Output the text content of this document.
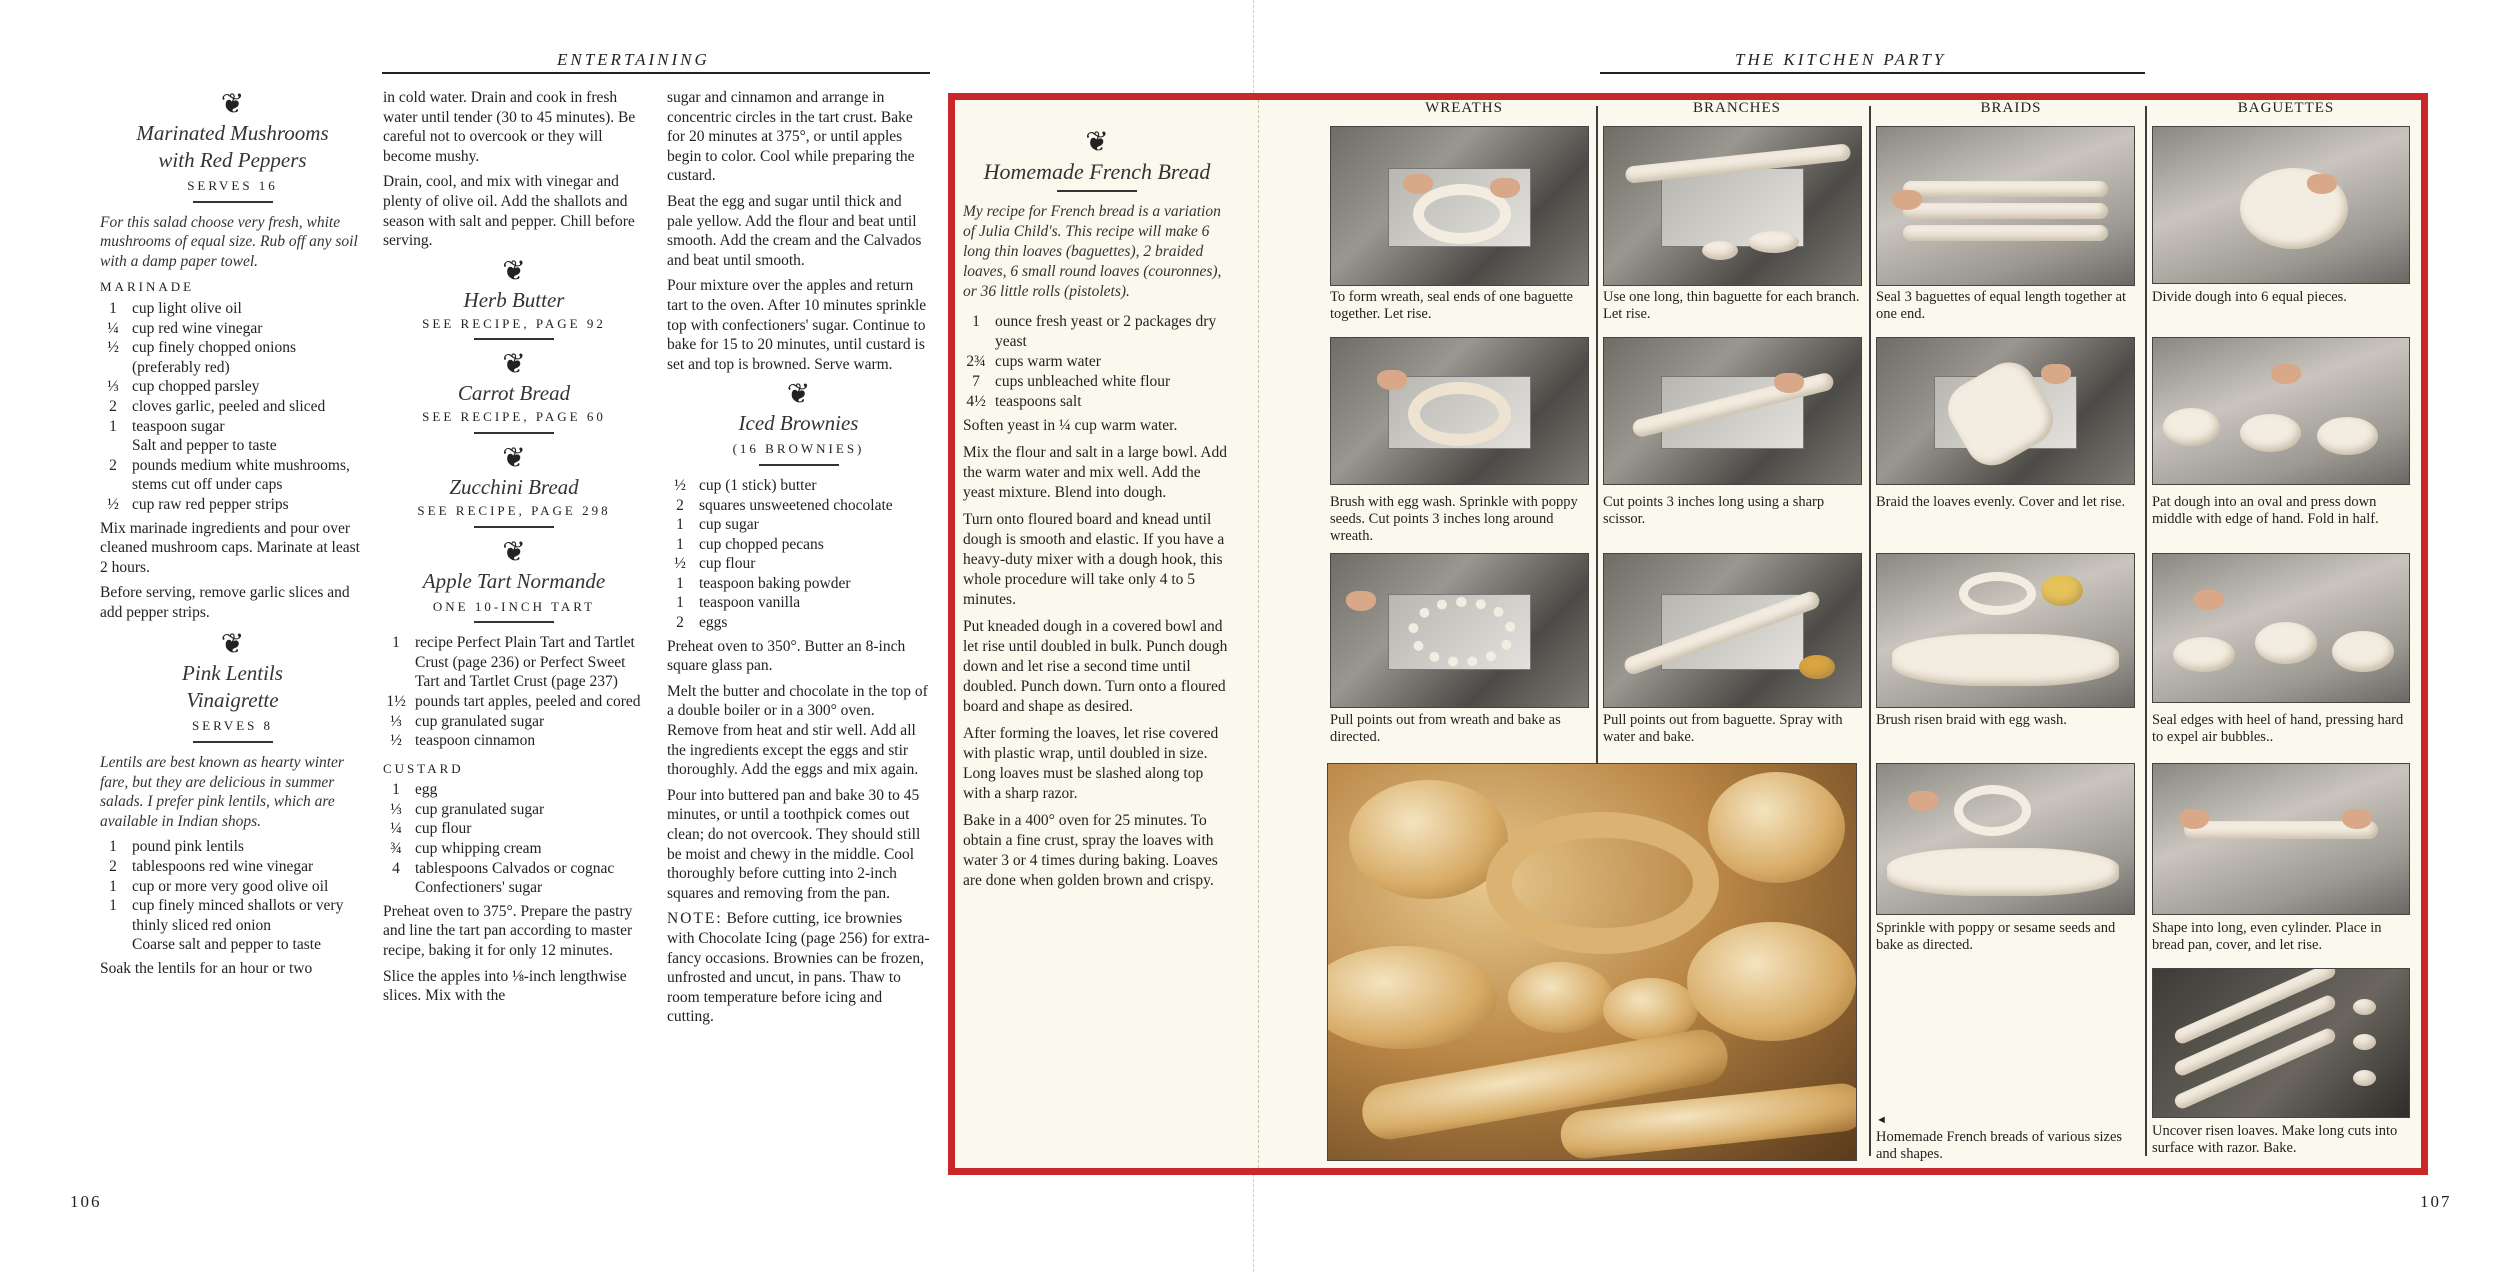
ENTERTAINING
106
❦
Marinated Mushrooms
with Red Peppers
SERVES 16

For this salad choose very fresh, white mushrooms of equal size. Rub off any soil with a damp paper towel.

MARINADE
1 cup light olive oil
¼ cup red wine vinegar
½ cup finely chopped onions (preferably red)
⅓ cup chopped parsley
2 cloves garlic, peeled and sliced
1 teaspoon sugar
Salt and pepper to taste
2 pounds medium white mushrooms, stems cut off under caps
½ cup raw red pepper strips

Mix marinade ingredients and pour over cleaned mushroom caps. Marinate at least 2 hours.

Before serving, remove garlic slices and add pepper strips.

❦
Pink Lentils
Vinaigrette
SERVES 8

Lentils are best known as hearty winter fare, but they are delicious in summer salads. I prefer pink lentils, which are available in Indian shops.

1 pound pink lentils
2 tablespoons red wine vinegar
1 cup or more very good olive oil
1 cup finely minced shallots or very thinly sliced red onion
Coarse salt and pepper to taste

Soak the lentils for an hour or two

in cold water. Drain and cook in fresh water until tender (30 to 45 minutes). Be careful not to overcook or they will become mushy.

Drain, cool, and mix with vinegar and plenty of olive oil. Add the shallots and season with salt and pepper. Chill before serving.

❦
Herb Butter
SEE RECIPE, PAGE 92
❦
Carrot Bread
SEE RECIPE, PAGE 60
❦
Zucchini Bread
SEE RECIPE, PAGE 298
❦
Apple Tart Normande
ONE 10-INCH TART
1 recipe Perfect Plain Tart and Tartlet Crust (page 236) or Perfect Sweet Tart and Tartlet Crust (page 237)
1½ pounds tart apples, peeled and cored
⅓ cup granulated sugar
½ teaspoon cinnamon
CUSTARD
1 egg
⅓ cup granulated sugar
¼ cup flour
¾ cup whipping cream
4 tablespoons Calvados or cognac
Confectioners' sugar

Preheat oven to 375°. Prepare the pastry and line the tart pan according to master recipe, baking it for only 12 minutes.

Slice the apples into ⅛-inch lengthwise slices. Mix with the

sugar and cinnamon and arrange in concentric circles in the tart crust. Bake for 20 minutes at 375°, or until apples begin to color. Cool while preparing the custard.

Beat the egg and sugar until thick and pale yellow. Add the flour and beat until smooth. Add the cream and the Calvados and beat until smooth.

Pour mixture over the apples and return tart to the oven. After 10 minutes sprinkle top with confectioners' sugar. Continue to bake for 15 to 20 minutes, until custard is set and top is browned. Serve warm.

❦
Iced Brownies
(16 BROWNIES)
½ cup (1 stick) butter
2 squares unsweetened chocolate
1 cup sugar
1 cup chopped pecans
½ cup flour
1 teaspoon baking powder
1 teaspoon vanilla
2 eggs

Preheat oven to 350°. Butter an 8-inch square glass pan.

Melt the butter and chocolate in the top of a double boiler or in a 300° oven. Remove from heat and stir well. Add all the ingredients except the eggs and stir thoroughly. Add the eggs and mix again.

Pour into buttered pan and bake 30 to 45 minutes, or until a toothpick comes out clean; do not overcook. They should still be moist and chewy in the middle. Cool thoroughly before cutting into 2-inch squares and removing from the pan.

NOTE: Before cutting, ice brownies with Chocolate Icing (page 256) for extra-fancy occasions. Brownies can be frozen, unfrosted and uncut, in pans. Thaw to room temperature before icing and cutting.

THE KITCHEN PARTY
107
❦
Homemade French Bread

My recipe for French bread is a variation of Julia Child's. This recipe will make 6 long thin loaves (baguettes), 2 braided loaves, 6 small round loaves (couronnes), or 36 little rolls (pistolets).

1 ounce fresh yeast or 2 packages dry yeast
2¾ cups warm water
7 cups unbleached white flour
4½ teaspoons salt

Soften yeast in ¼ cup warm water.

Mix the flour and salt in a large bowl. Add the warm water and mix well. Add the yeast mixture. Blend into dough.

Turn onto floured board and knead until dough is smooth and elastic. If you have a heavy-duty mixer with a dough hook, this whole procedure will take only 4 to 5 minutes.

Put kneaded dough in a covered bowl and let rise until doubled in bulk. Punch dough down and let rise a second time until doubled. Punch down. Turn onto a floured board and shape as desired.

After forming the loaves, let rise covered with plastic wrap, until doubled in size. Long loaves must be slashed along top with a sharp razor.

Bake in a 400° oven for 25 minutes. To obtain a fine crust, spray the loaves with water 3 or 4 times during baking. Loaves are done when golden brown and crispy.

WREATHS	BRANCHES	BRAIDS	BAGUETTES
To form wreath, seal ends of one baguette together. Let rise.
Brush with egg wash. Sprinkle with poppy seeds. Cut points 3 inches long around wreath.
Pull points out from wreath and bake as directed.
Use one long, thin baguette for each branch. Let rise.
Cut points 3 inches long using a sharp scissor.
Pull points out from baguette. Spray with water and bake.
Seal 3 baguettes of equal length together at one end.
Braid the loaves evenly. Cover and let rise.
Brush risen braid with egg wash.
Sprinkle with poppy or sesame seeds and bake as directed.
◄
Homemade French breads of various sizes and shapes.
Divide dough into 6 equal pieces.
Pat dough into an oval and press down middle with edge of hand. Fold in half.
Seal edges with heel of hand, pressing hard to expel air bubbles..
Shape into long, even cylinder. Place in bread pan, cover, and let rise.
Uncover risen loaves. Make long cuts into surface with razor. Bake.
